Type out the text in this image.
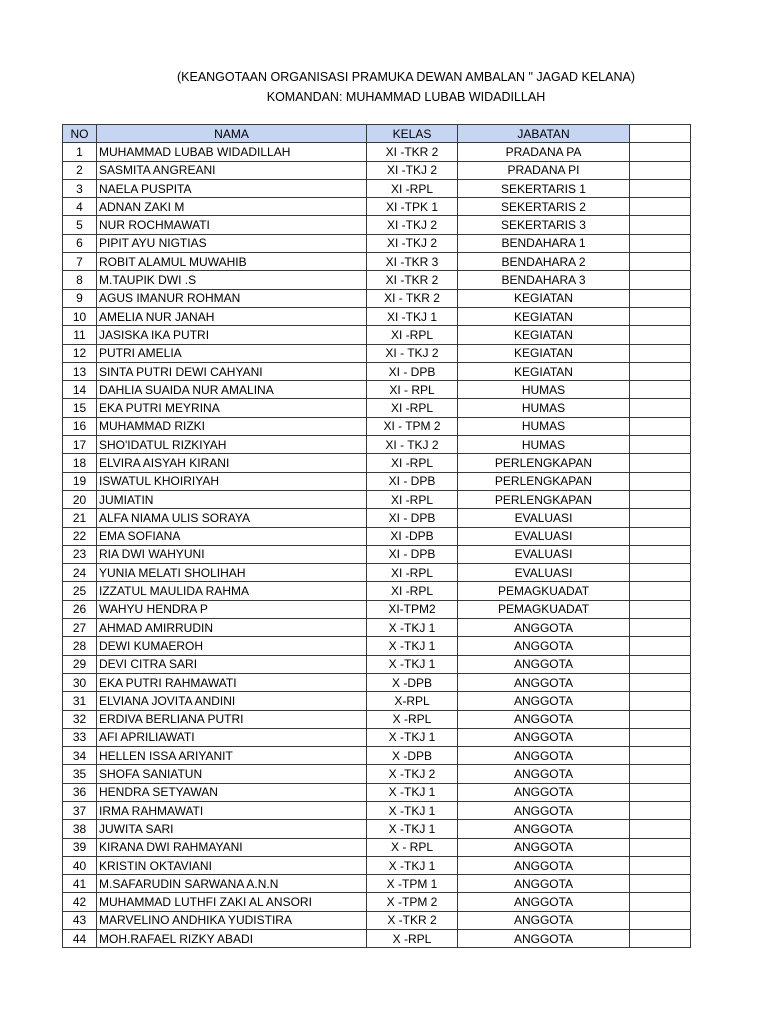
(KEANGOTAAN ORGANISASI PRAMUKA DEWAN AMBALAN " JAGAD KELANA)
KOMANDAN: MUHAMMAD LUBAB WIDADILLAH
NO	NAMA	KELAS	JABATAN	
1	MUHAMMAD LUBAB WIDADILLAH	XI -TKR 2	PRADANA PA	
2	SASMITA ANGREANI	XI -TKJ 2	PRADANA PI	
3	NAELA PUSPITA	XI -RPL	SEKERTARIS 1	
4	ADNAN ZAKI M	XI -TPK 1	SEKERTARIS 2	
5	NUR ROCHMAWATI	XI -TKJ 2	SEKERTARIS 3	
6	PIPIT AYU NIGTIAS	XI -TKJ 2	BENDAHARA 1	
7	ROBIT ALAMUL MUWAHIB	XI -TKR 3	BENDAHARA 2	
8	M.TAUPIK DWI .S	XI -TKR 2	BENDAHARA 3	
9	AGUS IMANUR ROHMAN	XI - TKR 2	KEGIATAN	
10	AMELIA NUR JANAH	XI -TKJ 1	KEGIATAN	
11	JASISKA IKA PUTRI	XI -RPL	KEGIATAN	
12	PUTRI AMELIA	XI - TKJ 2	KEGIATAN	
13	SINTA PUTRI DEWI CAHYANI	XI - DPB	KEGIATAN	
14	DAHLIA SUAIDA NUR AMALINA	XI - RPL	HUMAS	
15	EKA PUTRI MEYRINA	XI -RPL	HUMAS	
16	MUHAMMAD RIZKI	XI - TPM 2	HUMAS	
17	SHO'IDATUL RIZKIYAH	XI - TKJ 2	HUMAS	
18	ELVIRA AISYAH KIRANI	XI -RPL	PERLENGKAPAN	
19	ISWATUL KHOIRIYAH	XI - DPB	PERLENGKAPAN	
20	JUMIATIN	XI -RPL	PERLENGKAPAN	
21	ALFA NIAMA ULIS SORAYA	XI - DPB	EVALUASI	
22	EMA SOFIANA	XI -DPB	EVALUASI	
23	RIA DWI WAHYUNI	XI - DPB	EVALUASI	
24	YUNIA MELATI SHOLIHAH	XI -RPL	EVALUASI	
25	IZZATUL MAULIDA RAHMA	XI -RPL	PEMAGKUADAT	
26	WAHYU HENDRA P	XI-TPM2	PEMAGKUADAT	
27	AHMAD AMIRRUDIN	X -TKJ 1	ANGGOTA	
28	DEWI KUMAEROH	X -TKJ 1	ANGGOTA	
29	DEVI CITRA SARI	X -TKJ 1	ANGGOTA	
30	EKA PUTRI RAHMAWATI	X -DPB	ANGGOTA	
31	ELVIANA JOVITA ANDINI	X-RPL	ANGGOTA	
32	ERDIVA BERLIANA PUTRI	X -RPL	ANGGOTA	
33	AFI APRILIAWATI	X -TKJ 1	ANGGOTA	
34	HELLEN ISSA ARIYANIT	X -DPB	ANGGOTA	
35	SHOFA SANIATUN	X -TKJ 2	ANGGOTA	
36	HENDRA SETYAWAN	X -TKJ 1	ANGGOTA	
37	IRMA RAHMAWATI	X -TKJ 1	ANGGOTA	
38	JUWITA SARI	X -TKJ 1	ANGGOTA	
39	KIRANA DWI RAHMAYANI	X - RPL	ANGGOTA	
40	KRISTIN OKTAVIANI	X -TKJ 1	ANGGOTA	
41	M.SAFARUDIN SARWANA A.N.N	X -TPM 1	ANGGOTA	
42	MUHAMMAD LUTHFI ZAKI AL ANSORI	X -TPM 2	ANGGOTA	
43	MARVELINO ANDHIKA YUDISTIRA	X -TKR 2	ANGGOTA	
44	MOH.RAFAEL RIZKY ABADI	X -RPL	ANGGOTA	
